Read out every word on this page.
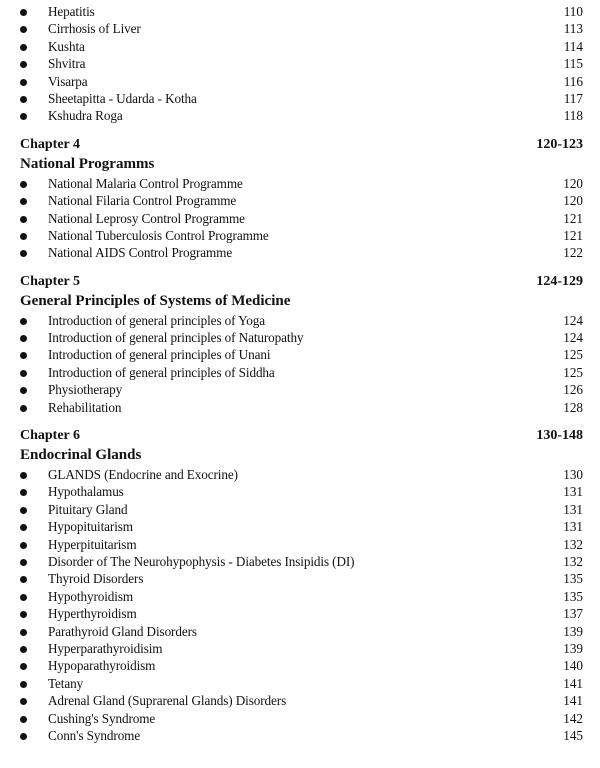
Hepatitis	110
Cirrhosis of Liver	113
Kushta	114
Shvitra	115
Visarpa	116
Sheetapitta - Udarda - Kotha	117
Kshudra Roga	118
Chapter 4	120-123
National Programms
National Malaria Control Programme	120
National Filaria Control Programme	120
National Leprosy Control Programme	121
National Tuberculosis Control Programme	121
National AIDS Control Programme	122
Chapter 5	124-129
General Principles of Systems of Medicine
Introduction of general principles of Yoga	124
Introduction of general principles of Naturopathy	124
Introduction of general principles of Unani	125
Introduction of general principles of Siddha	125
Physiotherapy	126
Rehabilitation	128
Chapter 6	130-148
Endocrinal Glands
GLANDS (Endocrine and Exocrine)	130
Hypothalamus	131
Pituitary Gland	131
Hypopituitarism	131
Hyperpituitarism	132
Disorder of The Neurohypophysis - Diabetes Insipidis (DI)	132
Thyroid Disorders	135
Hypothyroidism	135
Hyperthyroidism	137
Parathyroid Gland Disorders	139
Hyperparathyroidisim	139
Hypoparathyroidism	140
Tetany	141
Adrenal Gland (Suprarenal Glands) Disorders	141
Cushing's Syndrome	142
Conn's Syndrome	145
